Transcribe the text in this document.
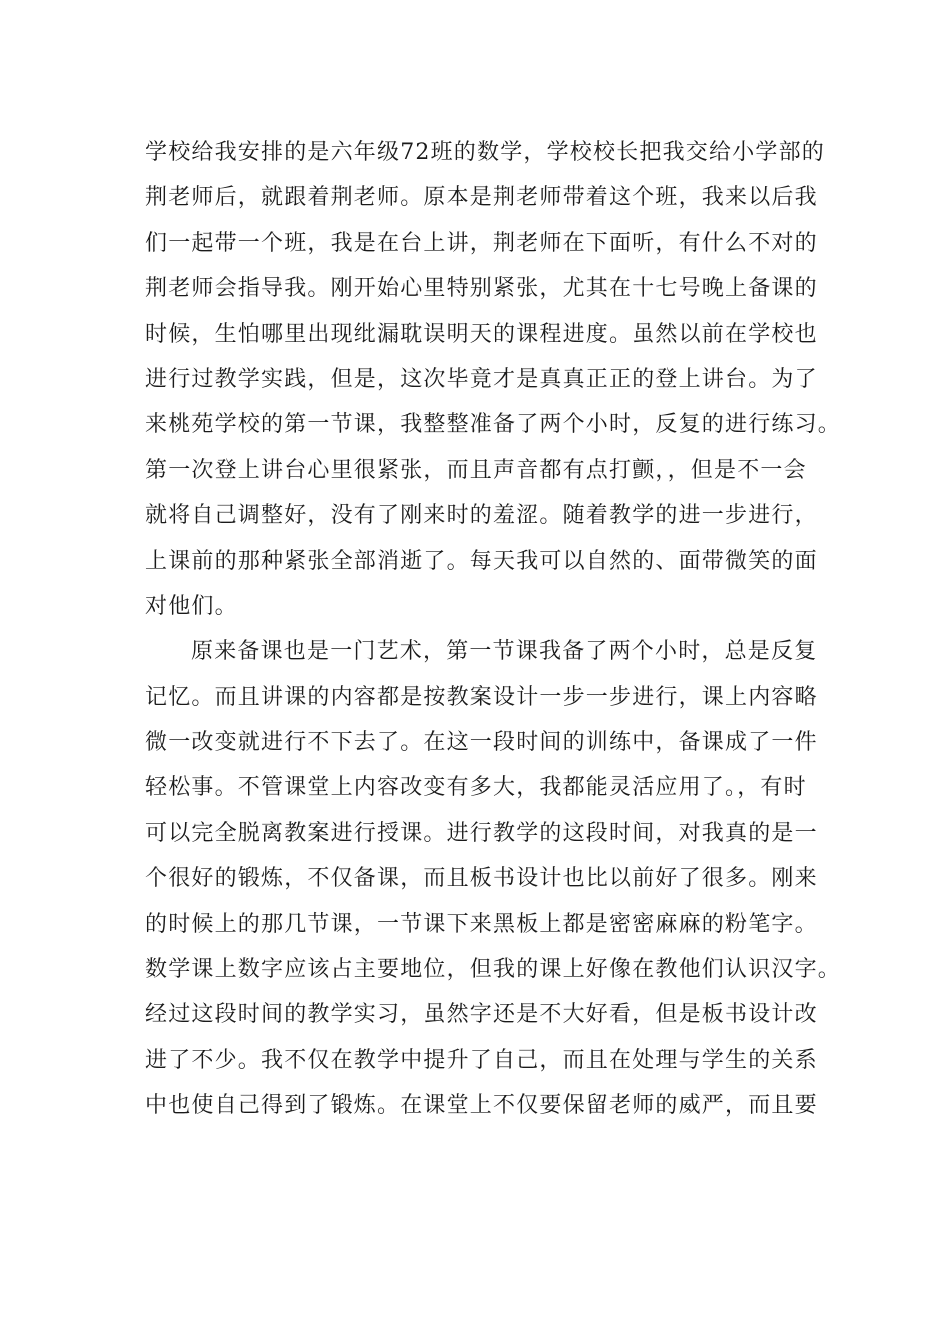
学校给我安排的是六年级72班的数学，学校校长把我交给小学部的
荆老师后，就跟着荆老师。原本是荆老师带着这个班，我来以后我
们一起带一个班，我是在台上讲，荆老师在下面听，有什么不对的
荆老师会指导我。刚开始心里特别紧张，尤其在十七号晚上备课的
时候，生怕哪里出现纰漏耽误明天的课程进度。虽然以前在学校也
进行过教学实践，但是，这次毕竟才是真真正正的登上讲台。为了
来桃苑学校的第一节课，我整整准备了两个小时，反复的进行练习。
第一次登上讲台心里很紧张，而且声音都有点打颤，，但是不一会
就将自己调整好，没有了刚来时的羞涩。随着教学的进一步进行，
上课前的那种紧张全部消逝了。每天我可以自然的、面带微笑的面
对他们。
原来备课也是一门艺术，第一节课我备了两个小时，总是反复
记忆。而且讲课的内容都是按教案设计一步一步进行，课上内容略
微一改变就进行不下去了。在这一段时间的训练中，备课成了一件
轻松事。不管课堂上内容改变有多大，我都能灵活应用了。，有时
可以完全脱离教案进行授课。进行教学的这段时间，对我真的是一
个很好的锻炼，不仅备课，而且板书设计也比以前好了很多。刚来
的时候上的那几节课，一节课下来黑板上都是密密麻麻的粉笔字。
数学课上数字应该占主要地位，但我的课上好像在教他们认识汉字。
经过这段时间的教学实习，虽然字还是不大好看，但是板书设计改
进了不少。我不仅在教学中提升了自己，而且在处理与学生的关系
中也使自己得到了锻炼。在课堂上不仅要保留老师的威严，而且要
